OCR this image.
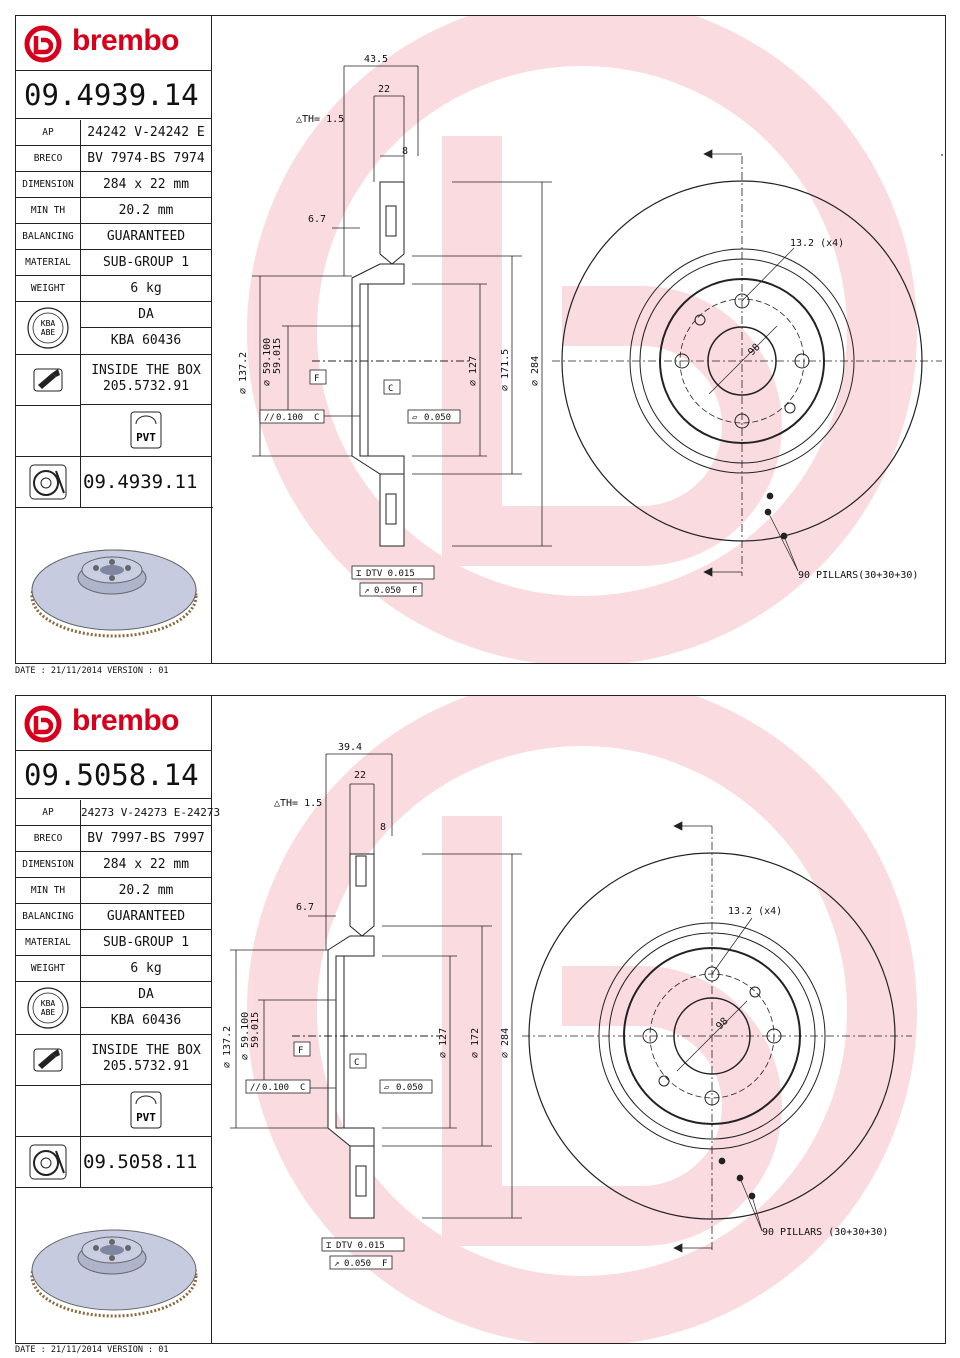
brembo
09.4939.14
AP	24242 V-24242 E
BRECO	BV 7974-BS 7974
DIMENSION	284 x 22 mm
MIN TH	20.2 mm
BALANCING	GUARANTEED
MATERIAL	SUB-GROUP 1
WEIGHT	6 kg
KBA
ABE
DA
KBA 60436
INSIDE THE BOX
205.5732.91
PVT
09.4939.11
43.5
22
△TH= 1.5
8
6.7
∅ 137.2 ∅ 59.100 59.015	∅ 127 ∅ 171.5 ∅ 284
F
C
// 0.100 C	▱ 0.050
⌶ DTV 0.015
↗ 0.050 F
13.2 (x4)
98
90 PILLARS(30+30+30)
DATE : 21/11/2014 VERSION : 01
brembo
09.5058.14
AP	24273 V-24273 E-24273
BRECO	BV 7997-BS 7997
DIMENSION	284 x 22 mm
MIN TH	20.2 mm
BALANCING	GUARANTEED
MATERIAL	SUB-GROUP 1
WEIGHT	6 kg
KBA
ABE
DA
KBA 60436
INSIDE THE BOX
205.5732.91
PVT
09.5058.11
39.4
22
△TH= 1.5
8
6.7
∅ 137.2 ∅ 59.100 59.015	∅ 127 ∅ 172 ∅ 284
F
C
// 0.100 C	▱ 0.050
⌶ DTV 0.015
↗ 0.050 F
13.2 (x4)
98
90 PILLARS (30+30+30)
DATE : 21/11/2014 VERSION : 01
